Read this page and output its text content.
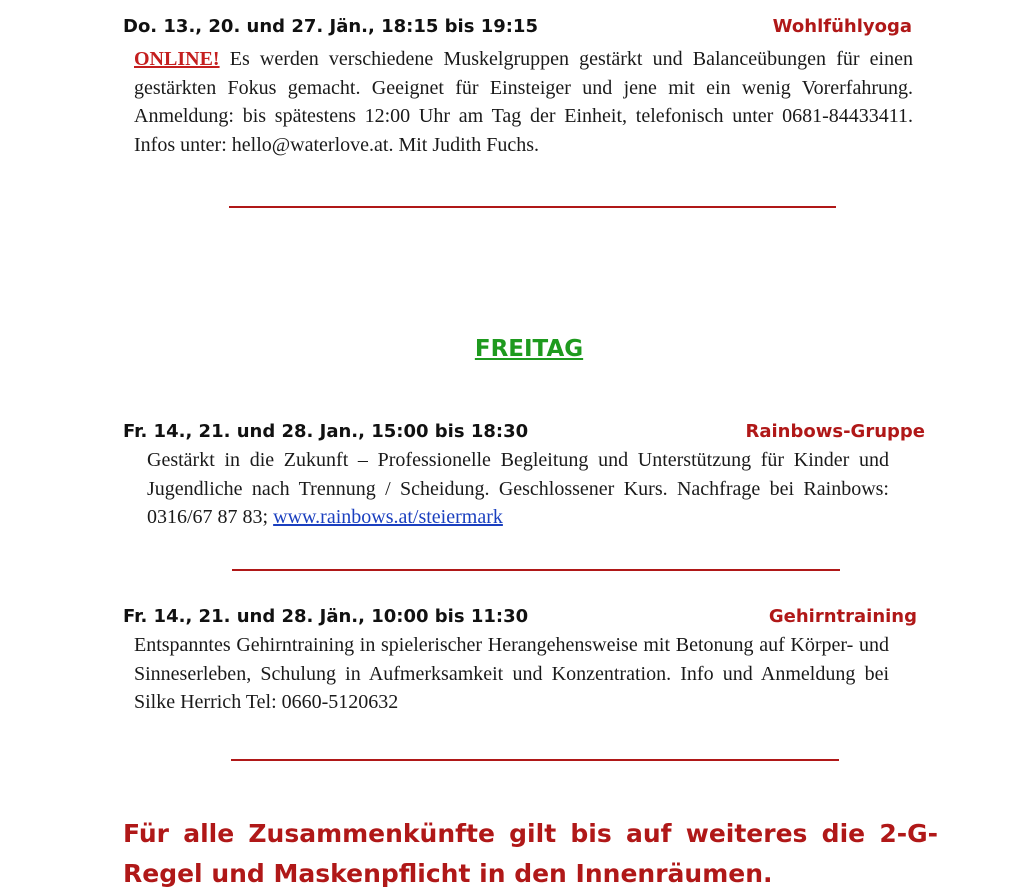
Do. 13., 20. und 27. Jän., 18:15 bis 19:15	Wohlfühlyoga
ONLINE! Es werden verschiedene Muskelgruppen gestärkt und Balanceübungen für einen gestärkten Fokus gemacht. Geeignet für Einsteiger und jene mit ein wenig Vorerfahrung. Anmeldung: bis spätestens 12:00 Uhr am Tag der Einheit, telefonisch unter 0681-84433411. Infos unter: hello@waterlove.at. Mit Judith Fuchs.
FREITAG
Fr. 14., 21. und 28. Jan., 15:00 bis 18:30	Rainbows-Gruppe
Gestärkt in die Zukunft – Professionelle Begleitung und Unterstützung für Kinder und Jugendliche nach Trennung / Scheidung. Geschlossener Kurs. Nachfrage bei Rainbows: 0316/67 87 83; www.rainbows.at/steiermark
Fr. 14., 21. und 28. Jän., 10:00 bis 11:30	Gehirntraining
Entspanntes Gehirntraining in spielerischer Herangehensweise mit Betonung auf Körper- und Sinneserleben, Schulung in Aufmerksamkeit und Konzentration. Info und Anmeldung bei Silke Herrich Tel: 0660-5120632
Für alle Zusammenkünfte gilt bis auf weiteres die 2-G-Regel und Maskenpflicht in den Innenräumen.
